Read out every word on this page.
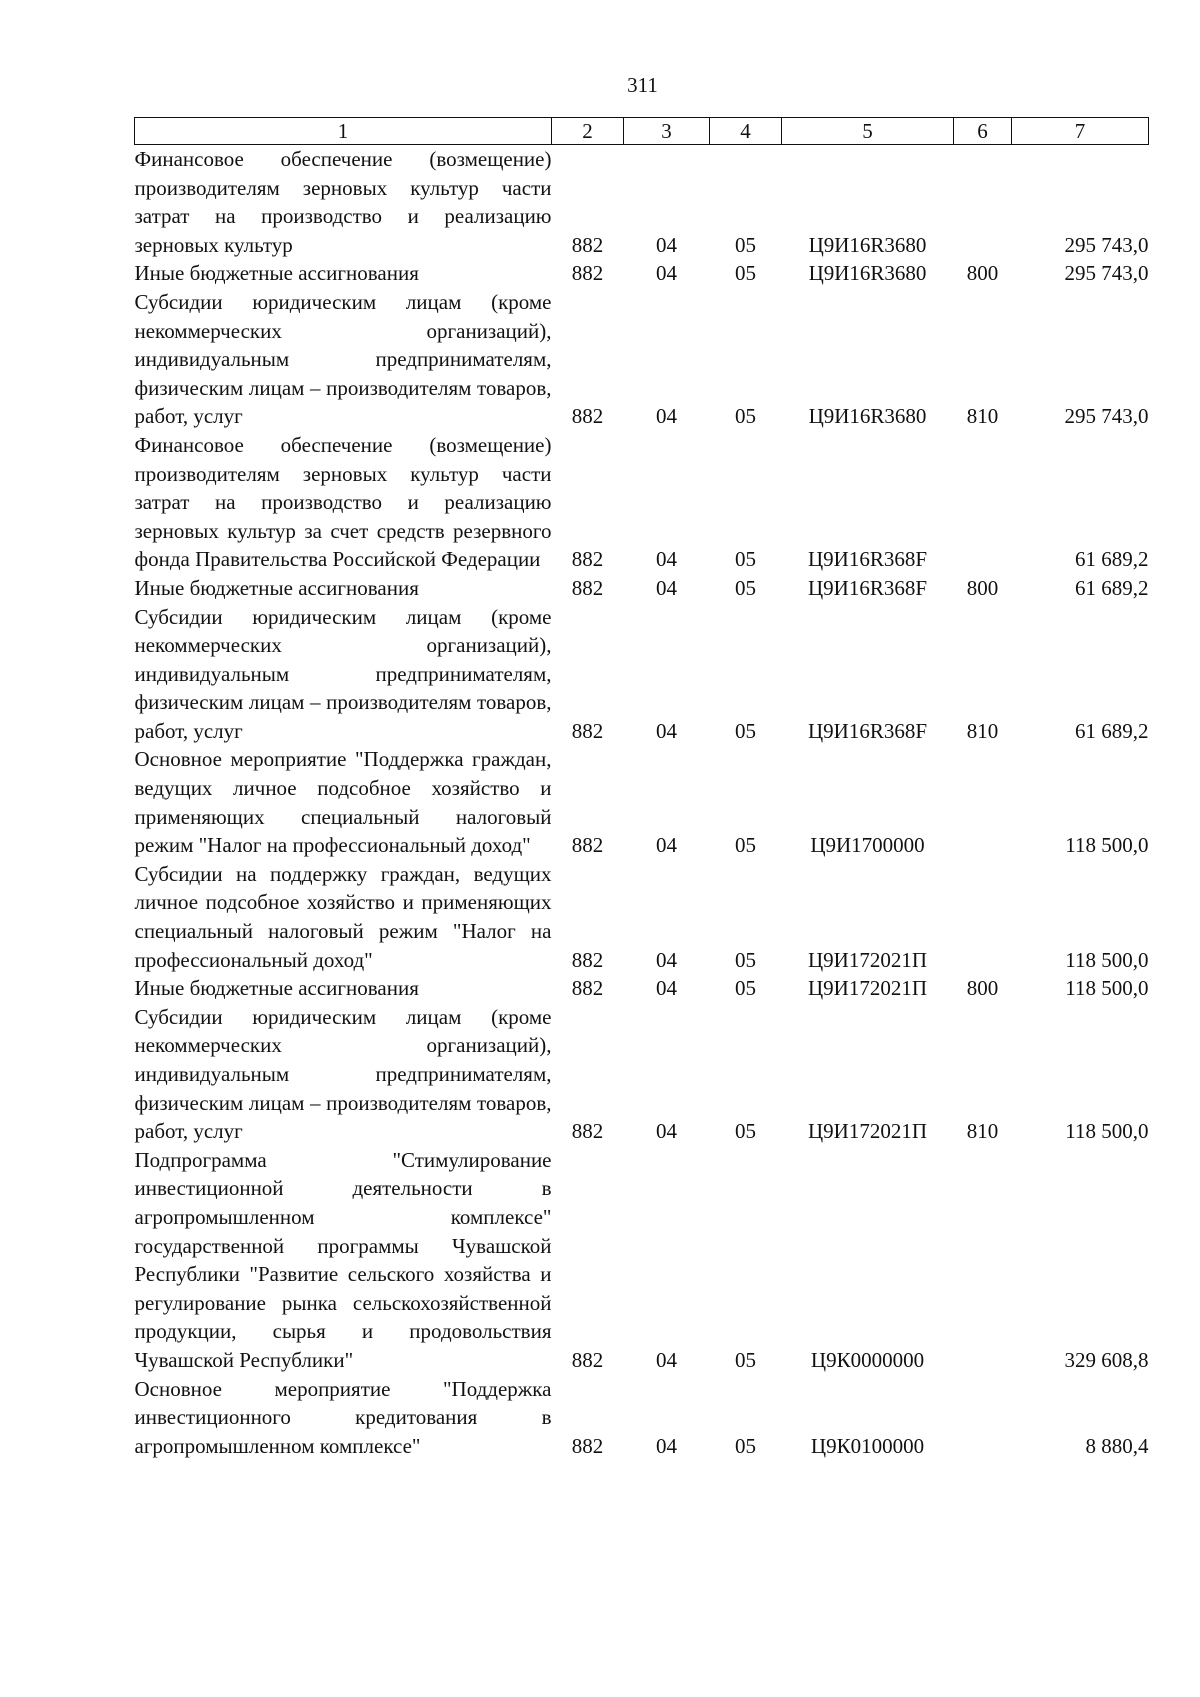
311
1	2	3	4	5	6	7
Финансовое обеспечение (возмещение) производителям зерновых культур части затрат на производство и реализацию зерновых культур	882	04	05	Ц9И16R3680		295 743,0
Иные бюджетные ассигнования	882	04	05	Ц9И16R3680	800	295 743,0
Субсидии юридическим лицам (кроме некоммерческих организаций), индивидуальным предпринимателям, физическим лицам – производителям товаров, работ, услуг	882	04	05	Ц9И16R3680	810	295 743,0
Финансовое обеспечение (возмещение) производителям зерновых культур части затрат на производство и реализацию зерновых культур за счет средств резервного фонда Правительства Российской Федерации	882	04	05	Ц9И16R368F		61 689,2
Иные бюджетные ассигнования	882	04	05	Ц9И16R368F	800	61 689,2
Субсидии юридическим лицам (кроме некоммерческих организаций), индивидуальным предпринимателям, физическим лицам – производителям товаров, работ, услуг	882	04	05	Ц9И16R368F	810	61 689,2
Основное мероприятие "Поддержка граждан, ведущих личное подсобное хозяйство и применяющих специальный налоговый режим "Налог на профессиональный доход"	882	04	05	Ц9И1700000		118 500,0
Субсидии на поддержку граждан, ведущих личное подсобное хозяйство и применяющих специальный налоговый режим "Налог на профессиональный доход"	882	04	05	Ц9И172021П		118 500,0
Иные бюджетные ассигнования	882	04	05	Ц9И172021П	800	118 500,0
Субсидии юридическим лицам (кроме некоммерческих организаций), индивидуальным предпринимателям, физическим лицам – производителям товаров, работ, услуг	882	04	05	Ц9И172021П	810	118 500,0
Подпрограмма "Стимулирование инвестиционной деятельности в агропромышленном комплексе" государственной программы Чувашской Республики "Развитие сельского хозяйства и регулирование рынка сельскохозяйственной продукции, сырья и продовольствия Чувашской Республики"	882	04	05	Ц9К0000000		329 608,8
Основное мероприятие "Поддержка инвестиционного кредитования в агропромышленном комплексе"	882	04	05	Ц9К0100000		8 880,4
